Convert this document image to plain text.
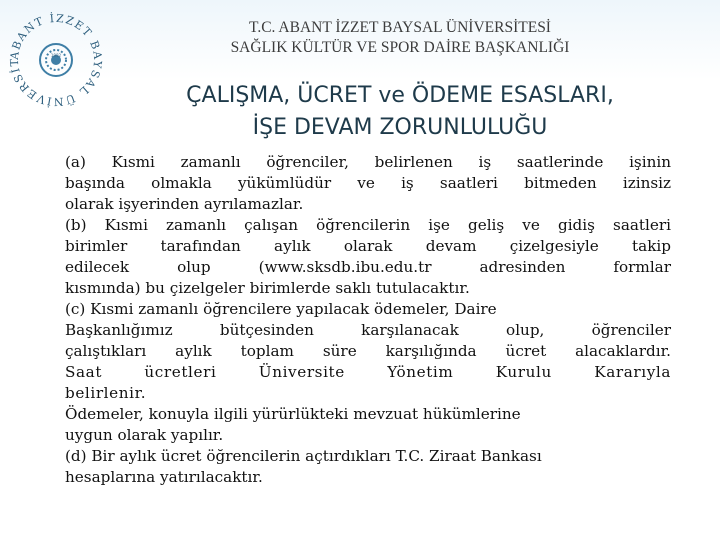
ABANT İZZET BAYSAL ÜNİVERSİT
1992
T.C. ABANT İZZET BAYSAL ÜNİVERSİTESİ
SAĞLIK KÜLTÜR VE SPOR DAİRE BAŞKANLIĞI
ÇALIŞMA, ÜCRET ve ÖDEME ESASLARI,
İŞE DEVAM ZORUNLULUĞU

(a) Kısmi zamanlı öğrenciler, belirlenen iş saatlerinde işinin

başında olmakla yükümlüdür ve iş saatleri bitmeden izinsiz

olarak işyerinden ayrılamazlar.

(b) Kısmi zamanlı çalışan öğrencilerin işe geliş ve gidiş saatleri

birimler tarafından aylık olarak devam çizelgesiyle takip

edilecek olup (www.sksdb.ibu.edu.tr adresinden formlar

kısmında) bu çizelgeler birimlerde saklı tutulacaktır.

(c) Kısmi zamanlı öğrencilere yapılacak ödemeler, Daire

Başkanlığımız bütçesinden karşılanacak olup, öğrenciler

çalıştıkları aylık toplam süre karşılığında ücret alacaklardır.

Saat ücretleri Üniversite Yönetim Kurulu Kararıyla

belirlenir.

Ödemeler, konuyla ilgili yürürlükteki mevzuat hükümlerine

uygun olarak yapılır.

(d) Bir aylık ücret öğrencilerin açtırdıkları T.C. Ziraat Bankası

hesaplarına yatırılacaktır.
